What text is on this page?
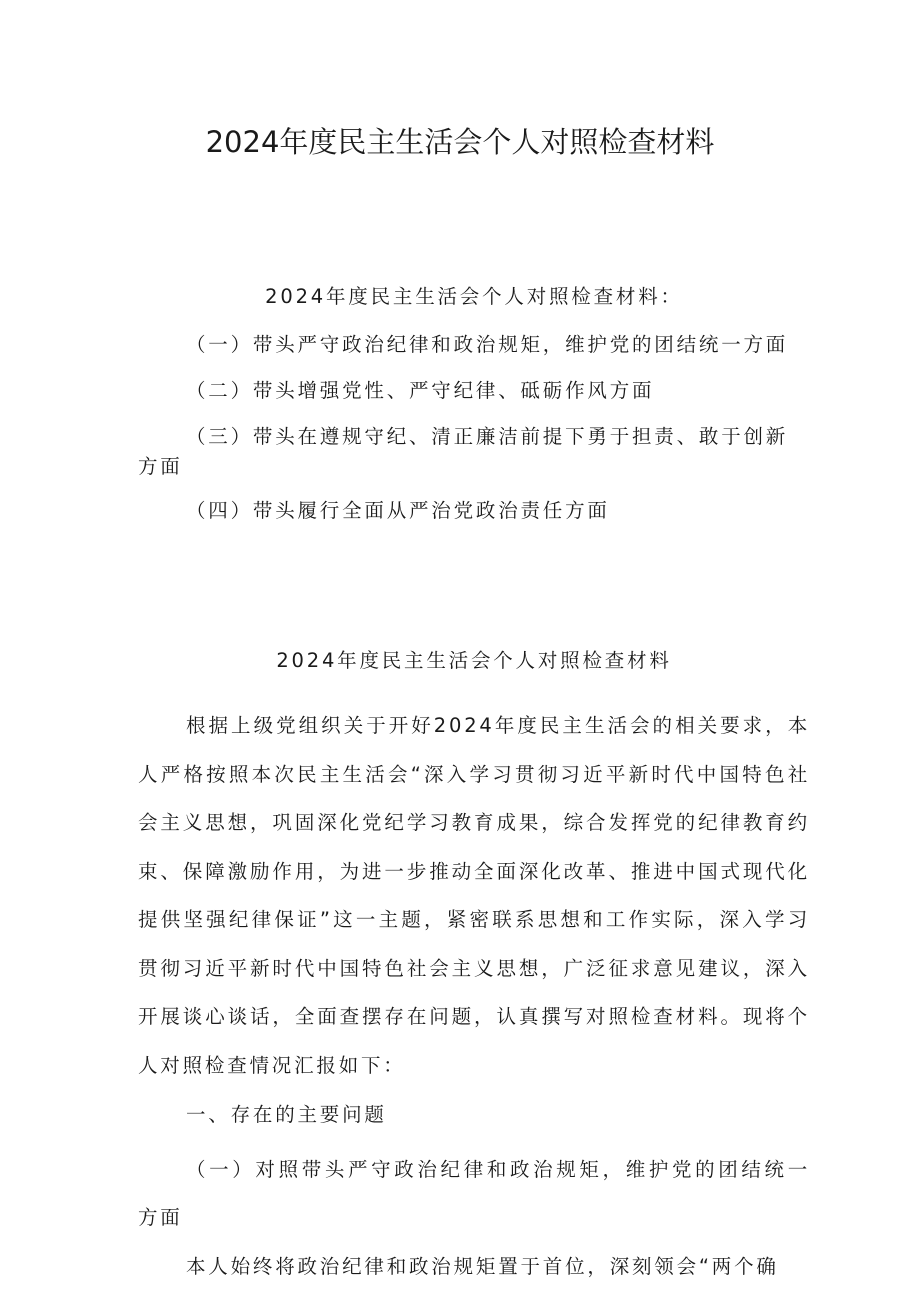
2024年度民主生活会个人对照检查材料
2024年度民主生活会个人对照检查材料：
（一）带头严守政治纪律和政治规矩，维护党的团结统一方面
（二）带头增强党性、严守纪律、砥砺作风方面
（三）带头在遵规守纪、清正廉洁前提下勇于担责、敢于创新方面
（四）带头履行全面从严治党政治责任方面
2024年度民主生活会个人对照检查材料

根据上级党组织关于开好2024年度民主生活会的相关要求，本人严格按照本次民主生活会“深入学习贯彻习近平新时代中国特色社会主义思想，巩固深化党纪学习教育成果，综合发挥党的纪律教育约束、保障激励作用，为进一步推动全面深化改革、推进中国式现代化提供坚强纪律保证”这一主题，紧密联系思想和工作实际，深入学习贯彻习近平新时代中国特色社会主义思想，广泛征求意见建议，深入开展谈心谈话，全面查摆存在问题，认真撰写对照检查材料。现将个人对照检查情况汇报如下：

一、存在的主要问题
（一）对照带头严守政治纪律和政治规矩，维护党的团结统一方面

本人始终将政治纪律和政治规矩置于首位，深刻领会“两个确
